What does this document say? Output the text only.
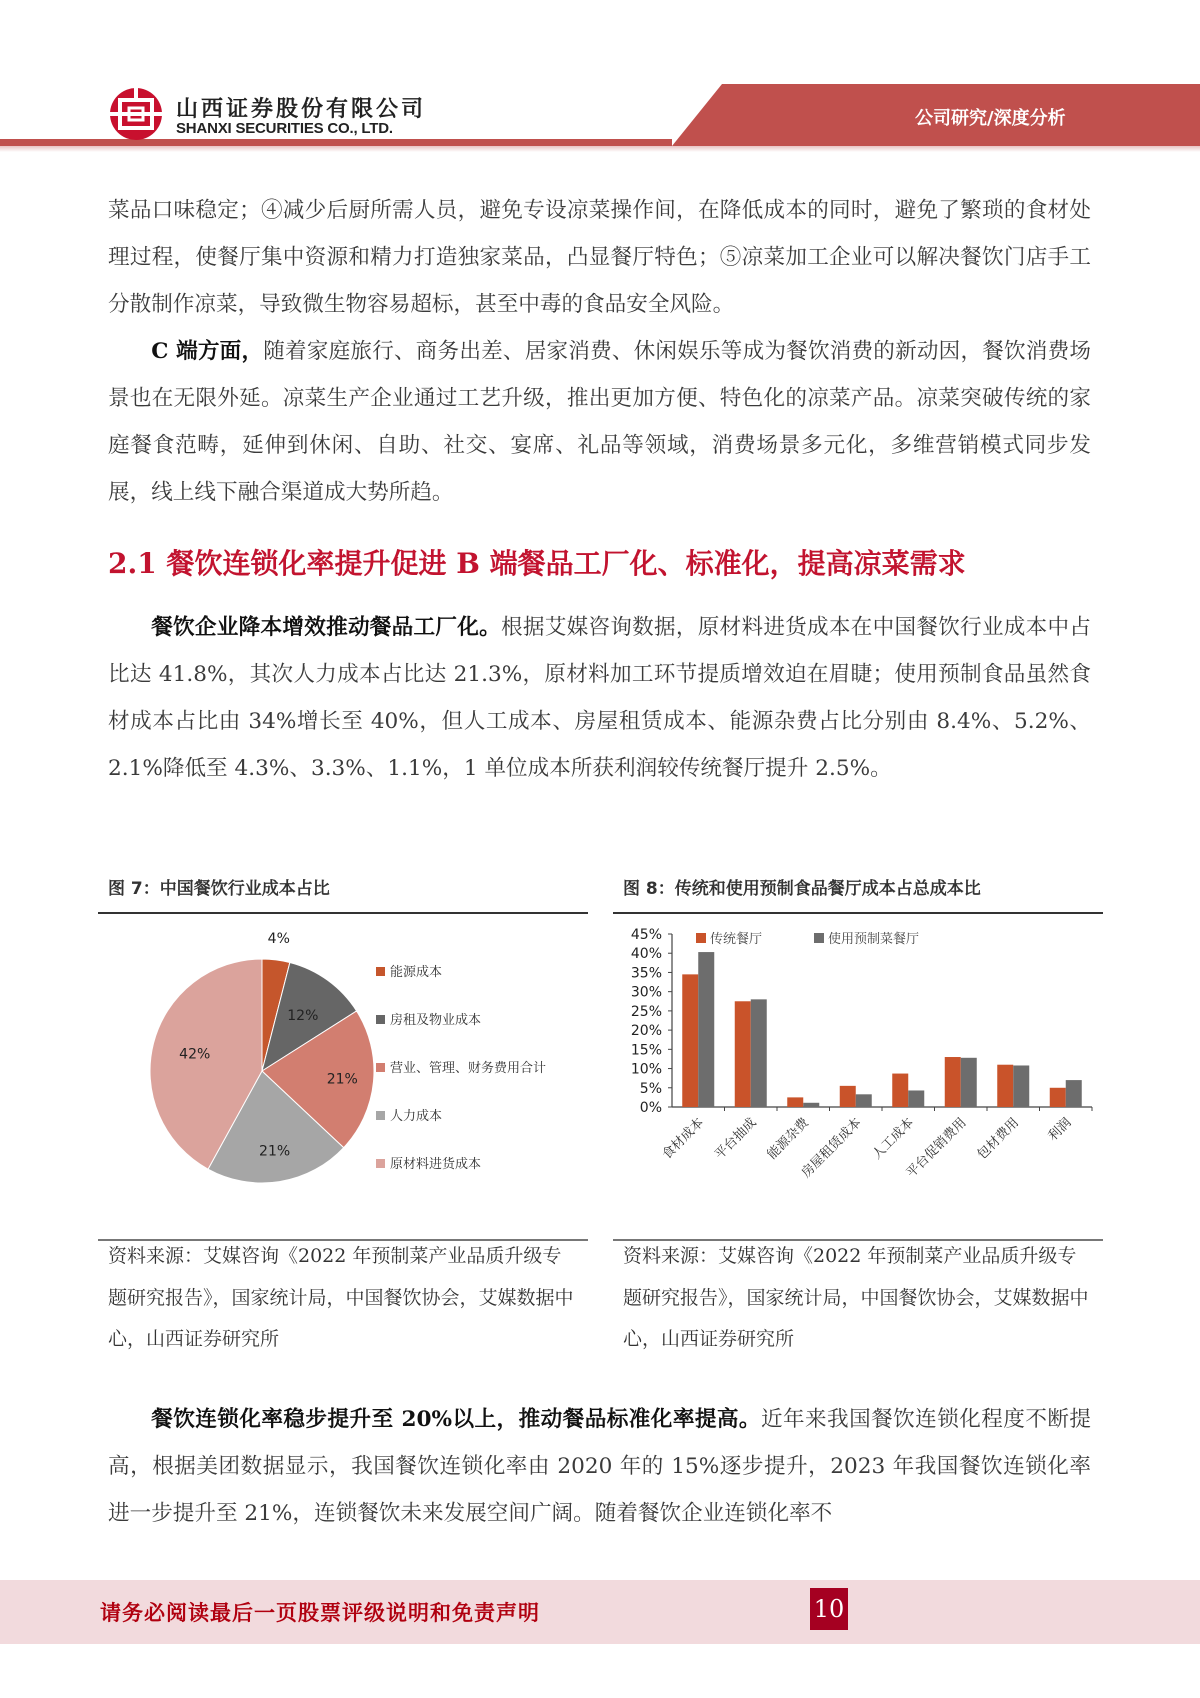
山西证券股份有限公司
SHANXI SECURITIES CO., LTD.	公司研究/深度分析
菜品口味稳定；④减少后厨所需人员，避免专设凉菜操作间，在降低成本的同时，避免了繁琐的食材处理过程，使餐厅集中资源和精力打造独家菜品，凸显餐厅特色；⑤凉菜加工企业可以解决餐饮门店手工分散制作凉菜，导致微生物容易超标，甚至中毒的食品安全风险。
C 端方面，随着家庭旅行、商务出差、居家消费、休闲娱乐等成为餐饮消费的新动因，餐饮消费场景也在无限外延。凉菜生产企业通过工艺升级，推出更加方便、特色化的凉菜产品。凉菜突破传统的家庭餐食范畴，延伸到休闲、自助、社交、宴席、礼品等领域，消费场景多元化，多维营销模式同步发展，线上线下融合渠道成大势所趋。
2.1 餐饮连锁化率提升促进 B 端餐品工厂化、标准化，提高凉菜需求
餐饮企业降本增效推动餐品工厂化。根据艾媒咨询数据，原材料进货成本在中国餐饮行业成本中占比达 41.8%，其次人力成本占比达 21.3%，原材料加工环节提质增效迫在眉睫；使用预制食品虽然食材成本占比由 34%增长至 40%，但人工成本、房屋租赁成本、能源杂费占比分别由 8.4%、5.2%、2.1%降低至 4.3%、3.3%、1.1%，1 单位成本所获利润较传统餐厅提升 2.5%。
图 7：中国餐饮行业成本占比	图 8：传统和使用预制食品餐厅成本占总成本比
4%
12%
21%
21%
42%
能源成本
房租及物业成本
营业、管理、财务费用合计
人力成本
原材料进货成本
0%
5%
10%
15%
20%
25%
30%
35%
40%
45%
食材成本 平台抽成 能源杂费
房屋租赁成本 人工成本
平台促销费用 包材费用 利润
传统餐厅	使用预制菜餐厅
资料来源：艾媒咨询《2022 年预制菜产业品质升级专题研究报告》，国家统计局，中国餐饮协会，艾媒数据中心，山西证券研究所
资料来源：艾媒咨询《2022 年预制菜产业品质升级专题研究报告》，国家统计局，中国餐饮协会，艾媒数据中心，山西证券研究所
餐饮连锁化率稳步提升至 20%以上，推动餐品标准化率提高。近年来我国餐饮连锁化程度不断提高，根据美团数据显示，我国餐饮连锁化率由 2020 年的 15%逐步提升，2023 年我国餐饮连锁化率进一步提升至 21%，连锁餐饮未来发展空间广阔。随着餐饮企业连锁化率不
请务必阅读最后一页股票评级说明和免责声明	10
